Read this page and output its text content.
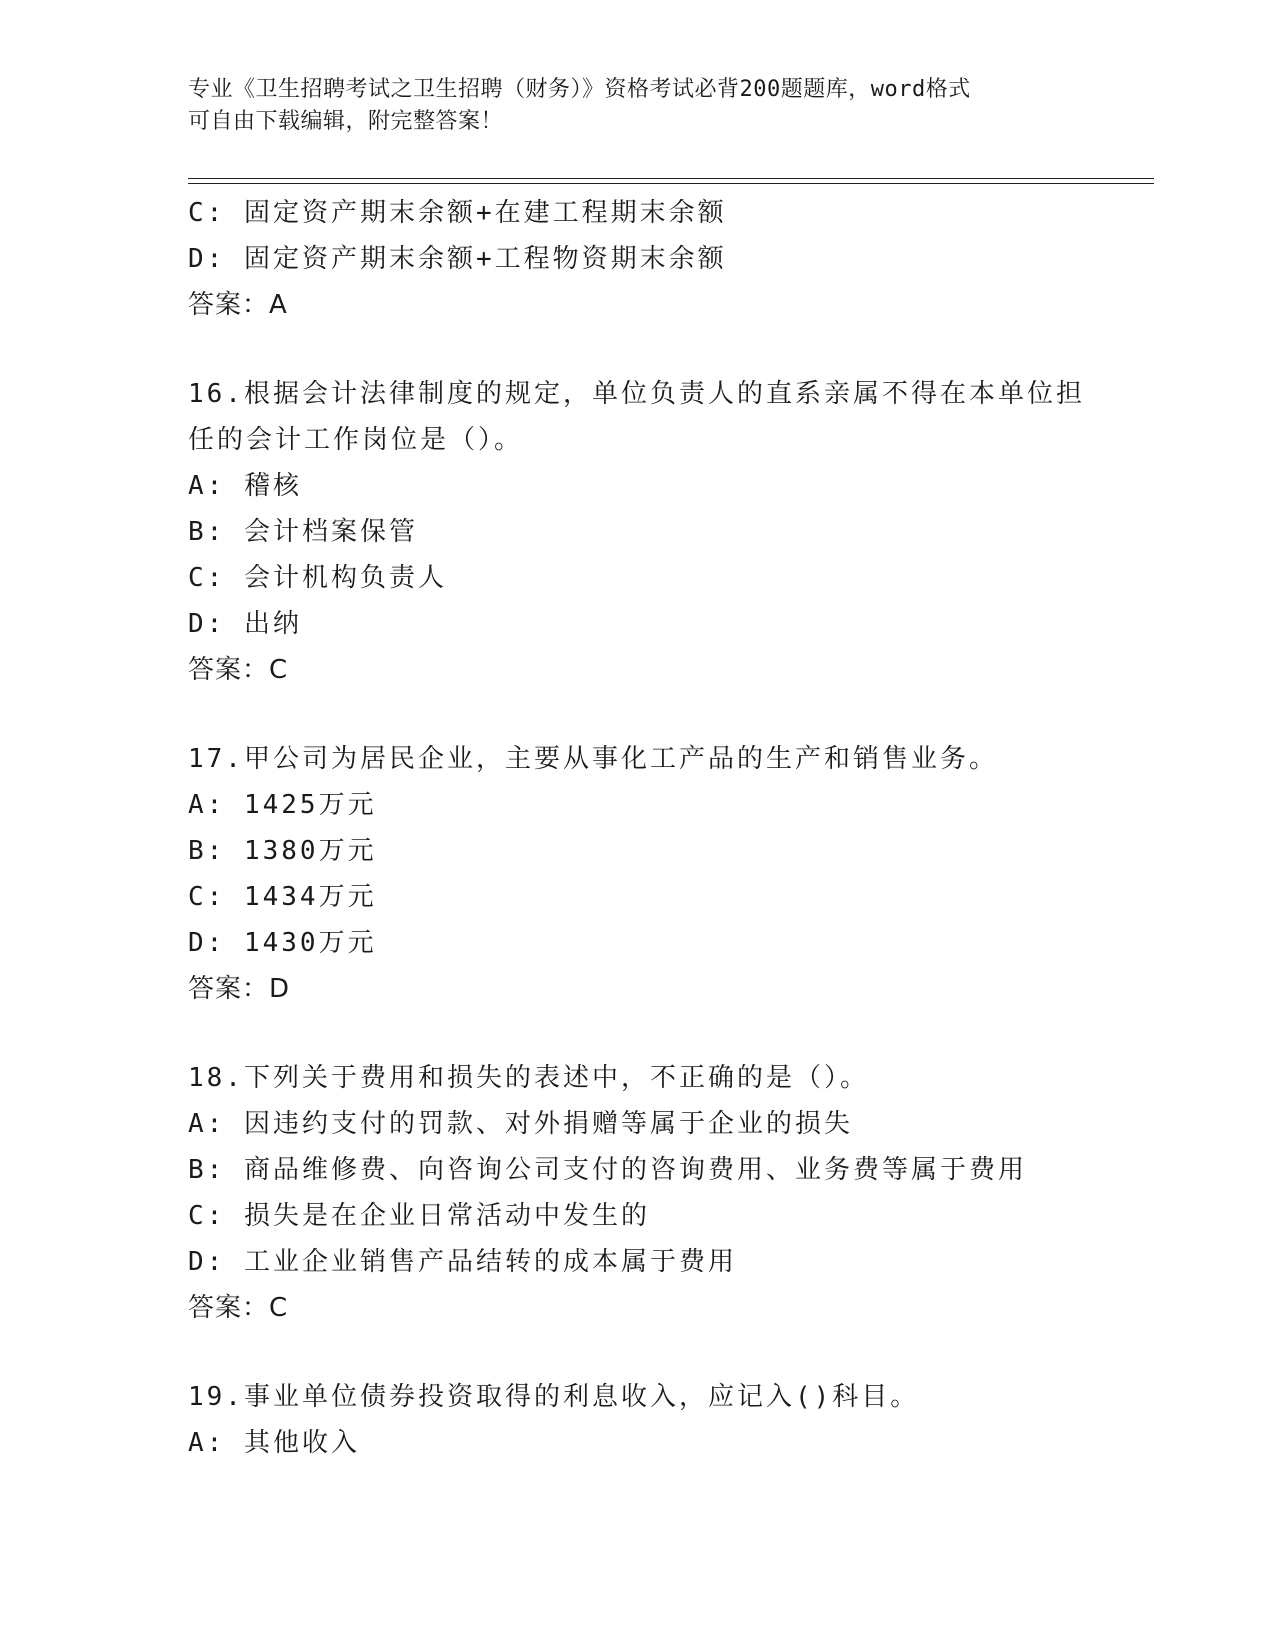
专业《卫生招聘考试之卫生招聘（财务）》资格考试必背200题题库，word格式
可自由下载编辑，附完整答案！
C: 固定资产期末余额+在建工程期末余额
D: 固定资产期末余额+工程物资期末余额
答案：A
16.根据会计法律制度的规定，单位负责人的直系亲属不得在本单位担
任的会计工作岗位是（）。
A: 稽核
B: 会计档案保管
C: 会计机构负责人
D: 出纳
答案：C
17.甲公司为居民企业，主要从事化工产品的生产和销售业务。
A: 1425万元
B: 1380万元
C: 1434万元
D: 1430万元
答案：D
18.下列关于费用和损失的表述中，不正确的是（）。
A: 因违约支付的罚款、对外捐赠等属于企业的损失
B: 商品维修费、向咨询公司支付的咨询费用、业务费等属于费用
C: 损失是在企业日常活动中发生的
D: 工业企业销售产品结转的成本属于费用
答案：C
19.事业单位债券投资取得的利息收入，应记入()科目。
A: 其他收入
